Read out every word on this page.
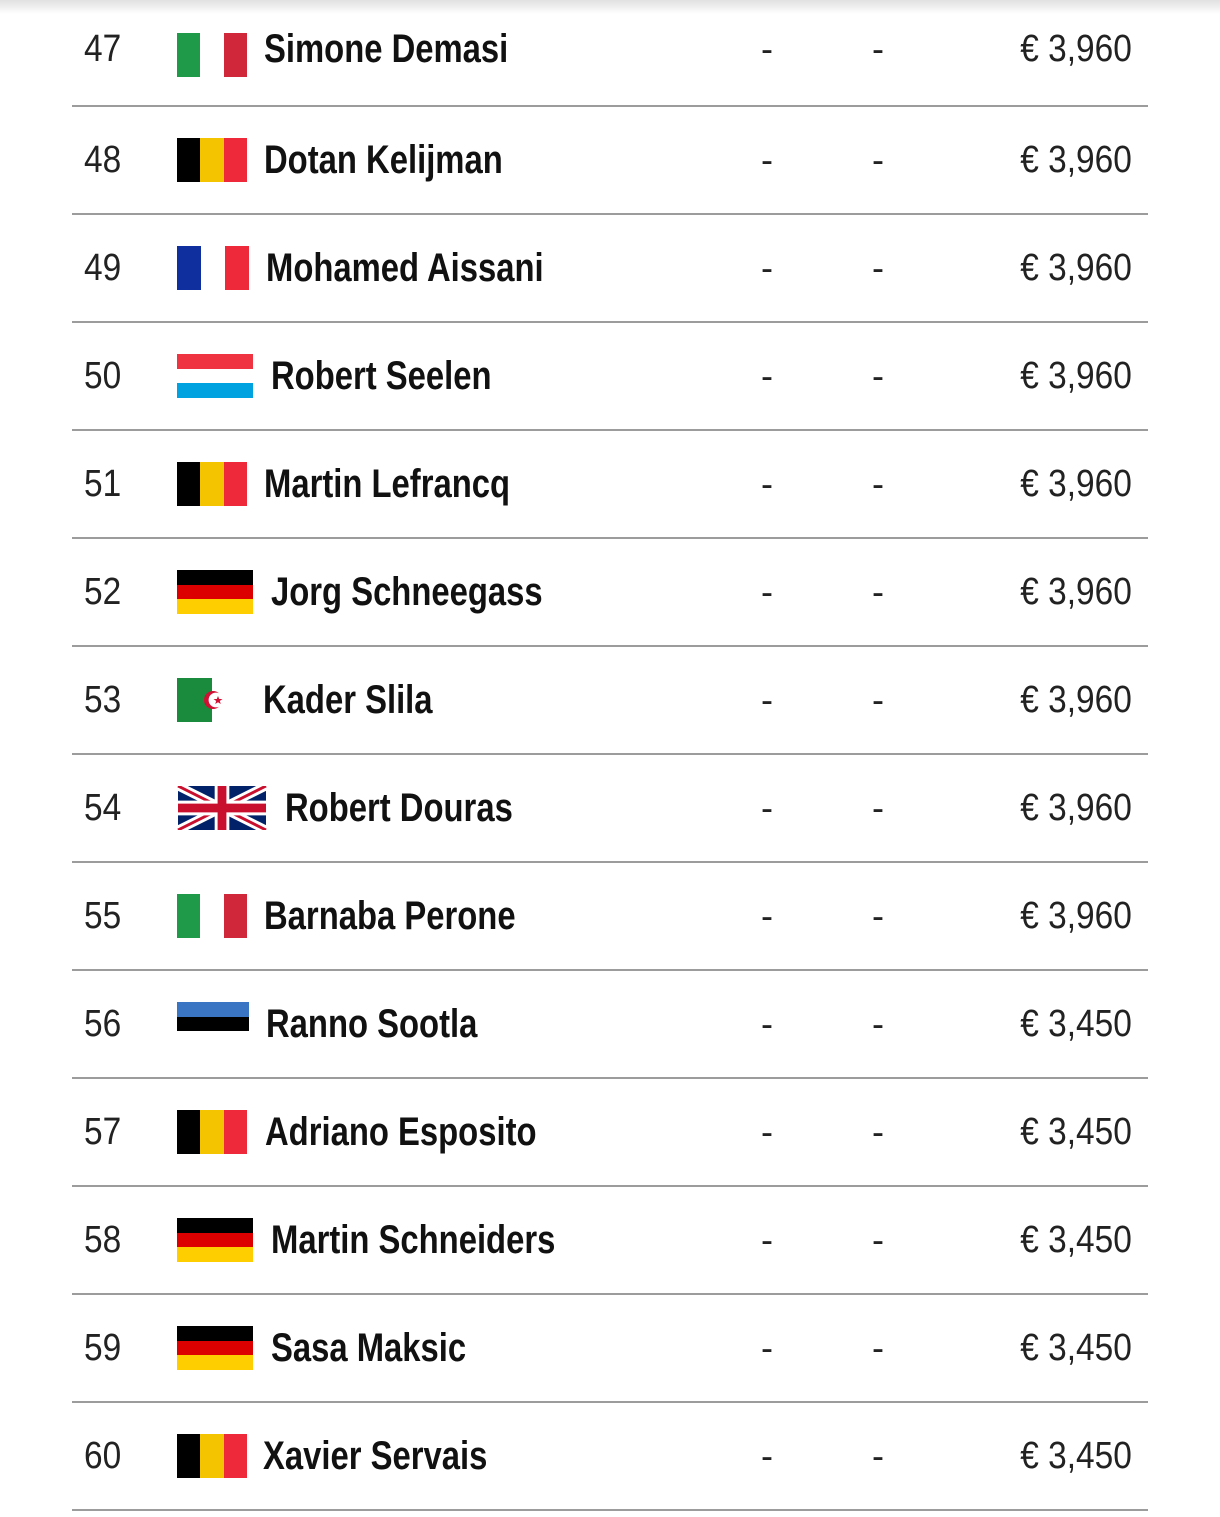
47	Simone Demasi	-	-	€ 3,960
48	Dotan Kelijman	-	-	€ 3,960
49	Mohamed Aissani	-	-	€ 3,960
50	Robert Seelen	-	-	€ 3,960
51	Martin Lefrancq	-	-	€ 3,960
52	Jorg Schneegass	-	-	€ 3,960
53	Kader Slila	-	-	€ 3,960
54	Robert Douras	-	-	€ 3,960
55	Barnaba Perone	-	-	€ 3,960
56	Ranno Sootla	-	-	€ 3,450
57	Adriano Esposito	-	-	€ 3,450
58	Martin Schneiders	-	-	€ 3,450
59	Sasa Maksic	-	-	€ 3,450
60	Xavier Servais	-	-	€ 3,450
